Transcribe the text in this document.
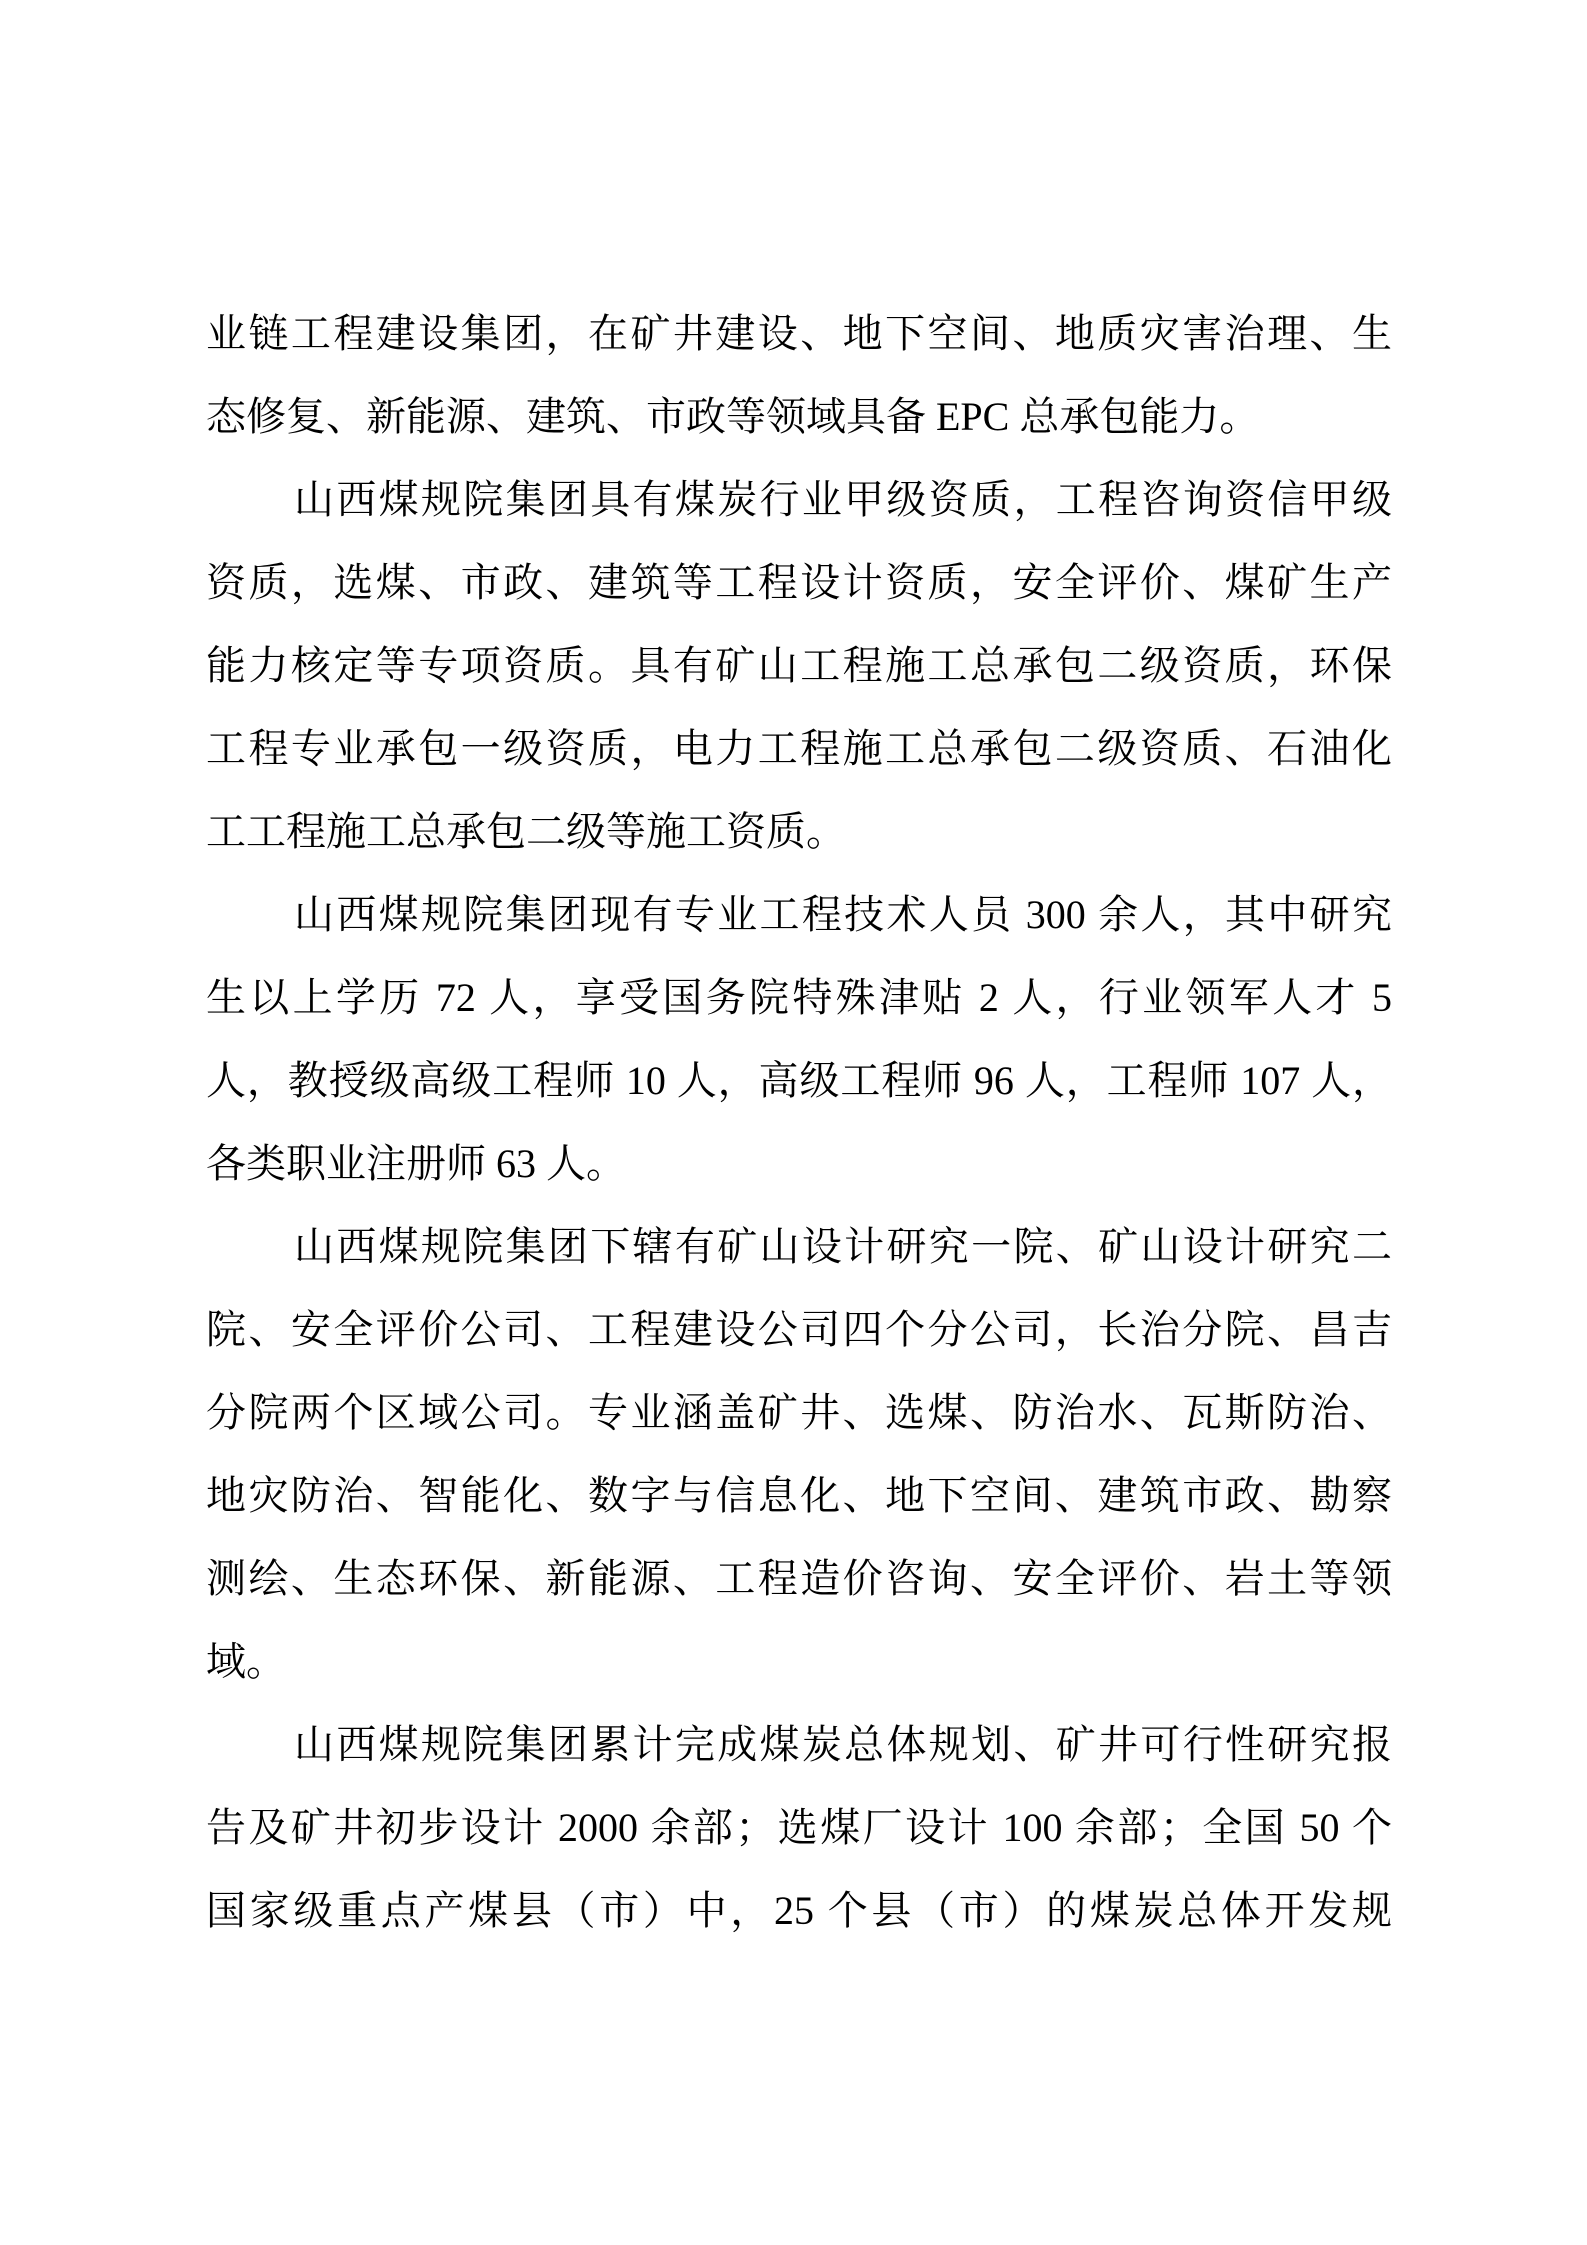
业链工程建设集团，在矿井建设、地下空间、地质灾害治理、生
态修复、新能源、建筑、市政等领域具备 EPC 总承包能力。
山西煤规院集团具有煤炭行业甲级资质，工程咨询资信甲级
资质，选煤、市政、建筑等工程设计资质，安全评价、煤矿生产
能力核定等专项资质。具有矿山工程施工总承包二级资质，环保
工程专业承包一级资质，电力工程施工总承包二级资质、石油化
工工程施工总承包二级等施工资质。
山西煤规院集团现有专业工程技术人员 300 余人，其中研究
生以上学历 72 人，享受国务院特殊津贴 2 人，行业领军人才 5
人，教授级高级工程师 10 人，高级工程师 96 人，工程师 107 人，
各类职业注册师 63 人。
山西煤规院集团下辖有矿山设计研究一院、矿山设计研究二
院、安全评价公司、工程建设公司四个分公司，长治分院、昌吉
分院两个区域公司。专业涵盖矿井、选煤、防治水、瓦斯防治、
地灾防治、智能化、数字与信息化、地下空间、建筑市政、勘察
测绘、生态环保、新能源、工程造价咨询、安全评价、岩土等领
域。
山西煤规院集团累计完成煤炭总体规划、矿井可行性研究报
告及矿井初步设计 2000 余部；选煤厂设计 100 余部；全国 50 个
国家级重点产煤县（市）中，25 个县（市）的煤炭总体开发规
